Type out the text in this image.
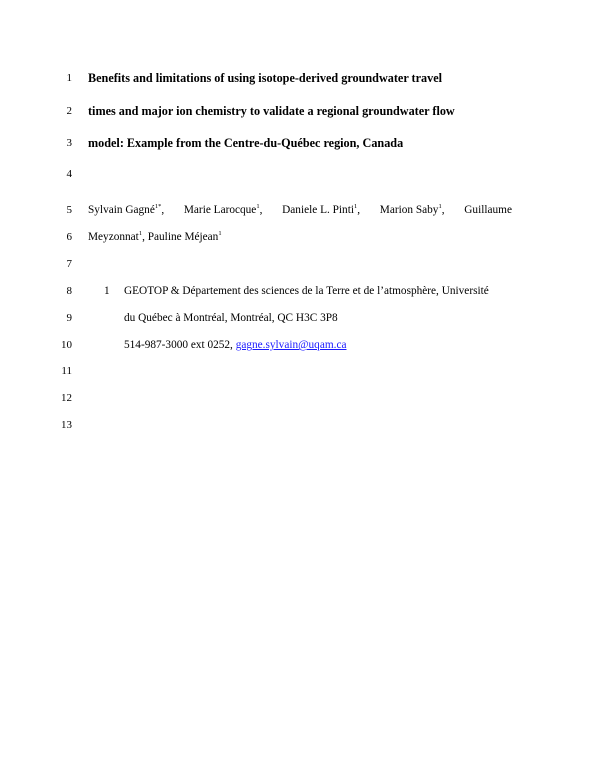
1
2
3
4
5
6
7
8
9
10
11
12
13
Benefits and limitations of using isotope-derived groundwater travel
times and major ion chemistry to validate a regional groundwater flow
model: Example from the Centre-du-Québec region, Canada
Sylvain Gagné$^{1*}$, Marie Larocque$^1$, Daniele L. Pinti$^1$, Marion Saby$^1$, Guillaume
Meyzonnat$^1$, Pauline Méjean$^1$
1 GEOTOP & Département des sciences de la Terre et de l’atmosphère, Université
du Québec à Montréal, Montréal, QC H3C 3P8
514-987-3000 ext 0252, gagne.sylvain@uqam.ca
